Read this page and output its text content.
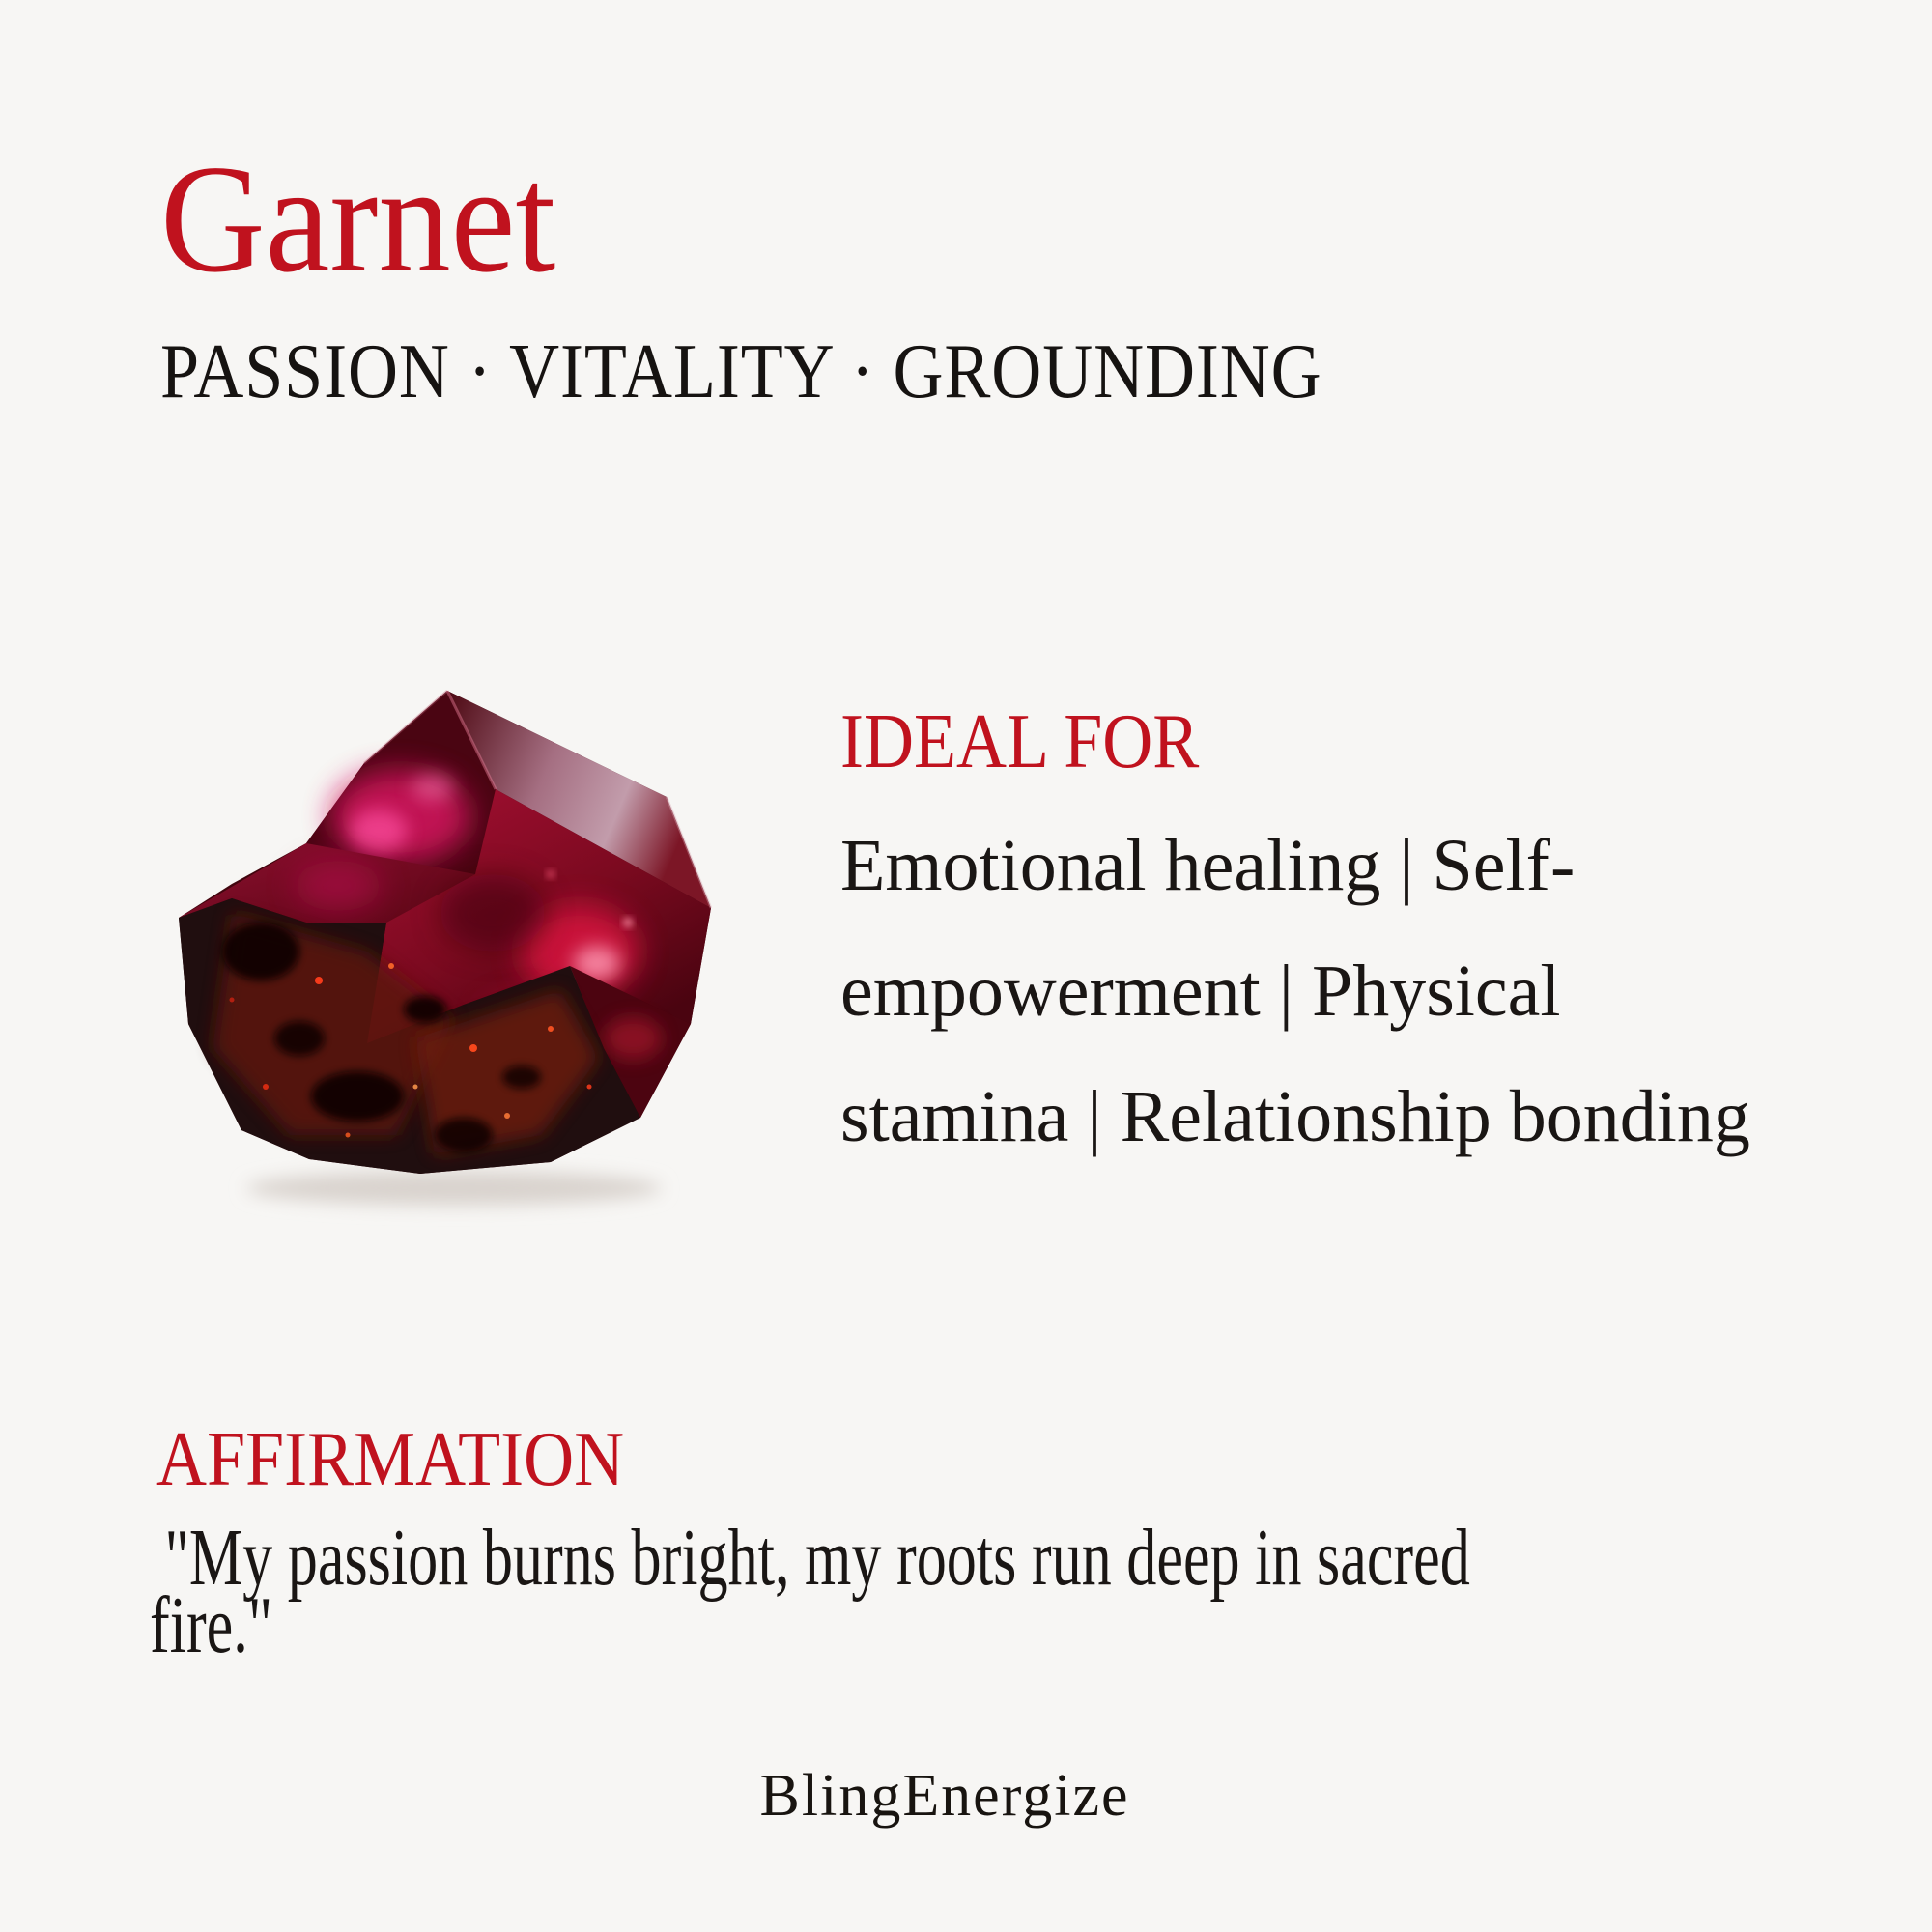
Garnet
PASSION · VITALITY · GROUNDING
IDEAL FOR
Emotional healing | Self-
empowerment | Physical
stamina | Relationship bonding
AFFIRMATION
"My passion burns bright, my roots run deep in sacred
fire."
BlingEnergize
